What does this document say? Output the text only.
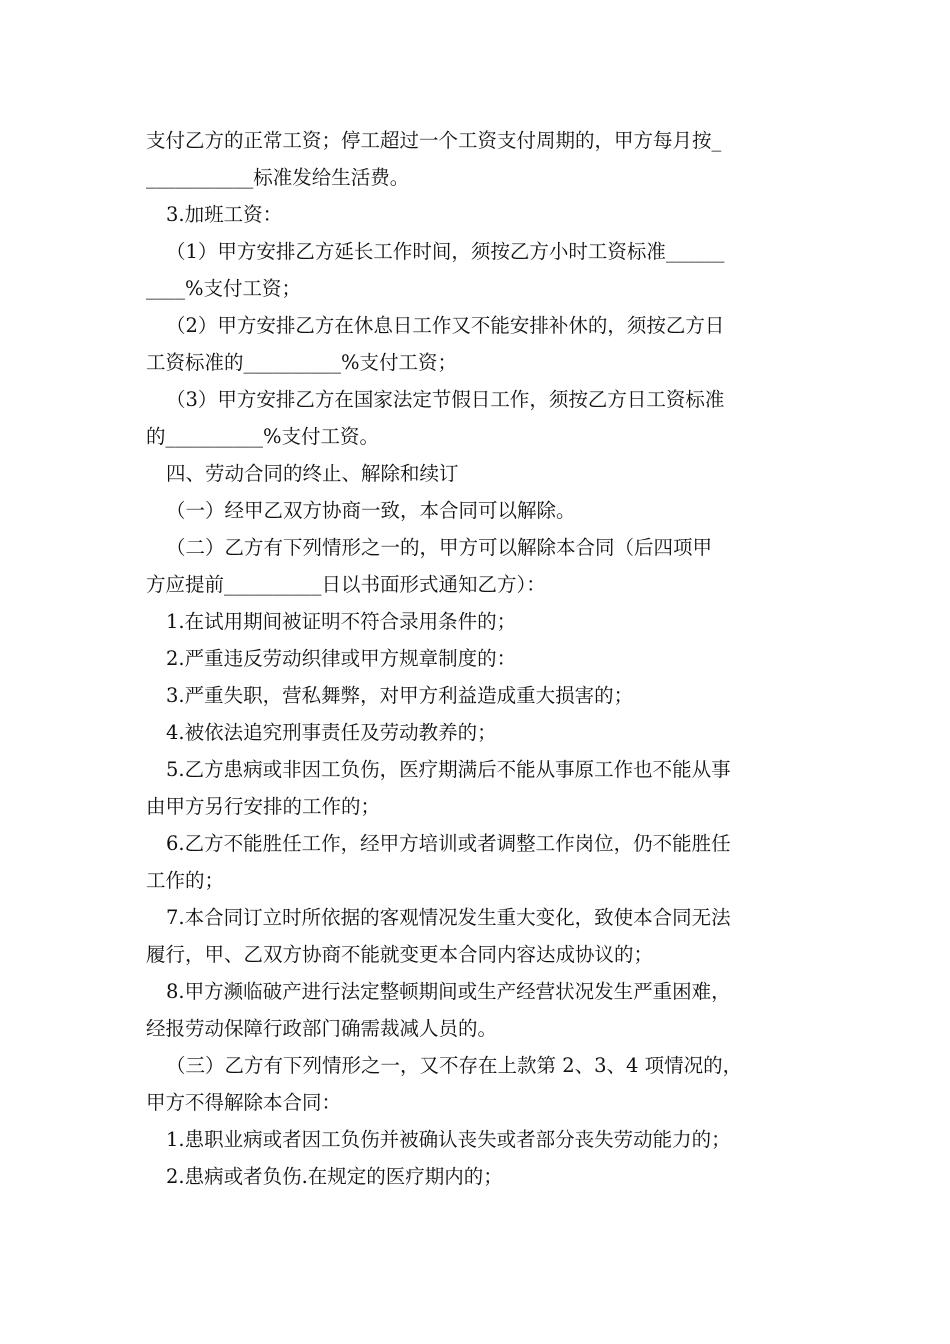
支付乙方的正常工资；停工超过一个工资支付周期的，甲方每月按_
___________标准发给生活费。
3.加班工资：
（1）甲方安排乙方延长工作时间，须按乙方小时工资标准______
____%支付工资；
（2）甲方安排乙方在休息日工作又不能安排补休的，须按乙方日
工资标准的__________%支付工资；
（3）甲方安排乙方在国家法定节假日工作，须按乙方日工资标准
的__________%支付工资。
四、劳动合同的终止、解除和续订
（一）经甲乙双方协商一致，本合同可以解除。
（二）乙方有下列情形之一的，甲方可以解除本合同（后四项甲
方应提前__________日以书面形式通知乙方）：
1.在试用期间被证明不符合录用条件的；
2.严重违反劳动织律或甲方规章制度的：
3.严重失职，营私舞弊，对甲方利益造成重大损害的；
4.被依法追究刑事责任及劳动教养的；
5.乙方患病或非因工负伤，医疗期满后不能从事原工作也不能从事
由甲方另行安排的工作的；
6.乙方不能胜任工作，经甲方培训或者调整工作岗位，仍不能胜任
工作的；
7.本合同订立时所依据的客观情况发生重大变化，致使本合同无法
履行，甲、乙双方协商不能就变更本合同内容达成协议的；
8.甲方濒临破产进行法定整顿期间或生产经营状况发生严重困难，
经报劳动保障行政部门确需裁减人员的。
（三）乙方有下列情形之一，又不存在上款第 2、3、4 项情况的，
甲方不得解除本合同：
1.患职业病或者因工负伤并被确认丧失或者部分丧失劳动能力的；
2.患病或者负伤.在规定的医疗期内的；
